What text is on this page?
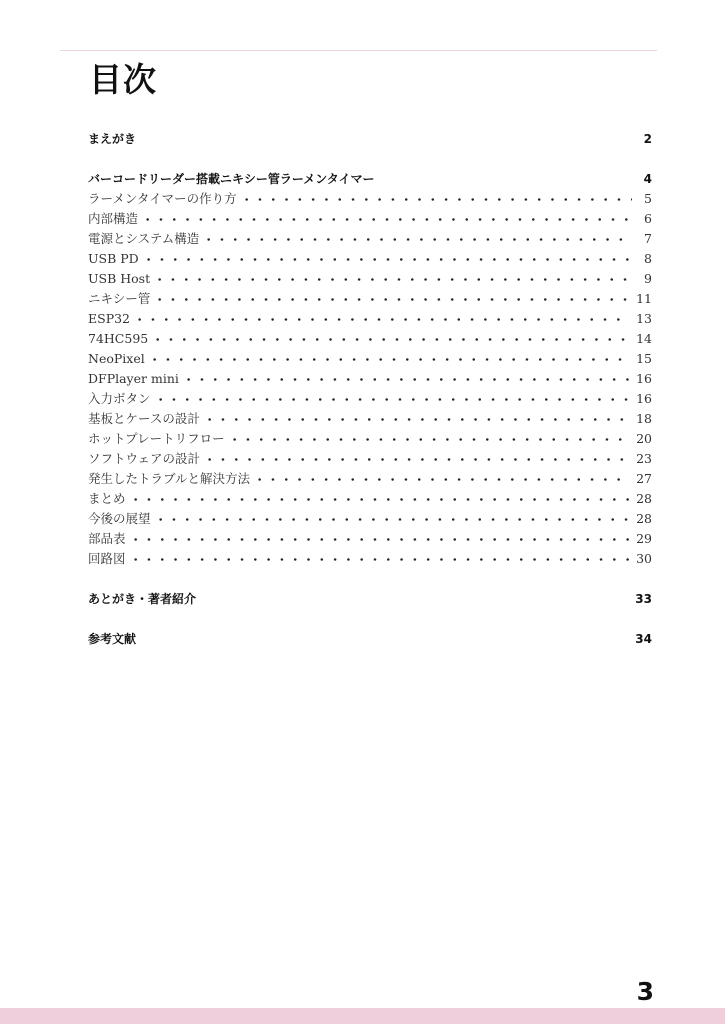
目次
まえがき	2
バーコードリーダー搭載ニキシー管ラーメンタイマー	4
ラーメンタイマーの作り方	5
内部構造	6
電源とシステム構造	7
USB PD	8
USB Host	9
ニキシー管	11
ESP32	13
74HC595	14
NeoPixel	15
DFPlayer mini	16
入力ボタン	16
基板とケースの設計	18
ホットプレートリフロー	20
ソフトウェアの設計	23
発生したトラブルと解決方法	27
まとめ	28
今後の展望	28
部品表	29
回路図	30
あとがき・著者紹介	33
参考文献	34
3
